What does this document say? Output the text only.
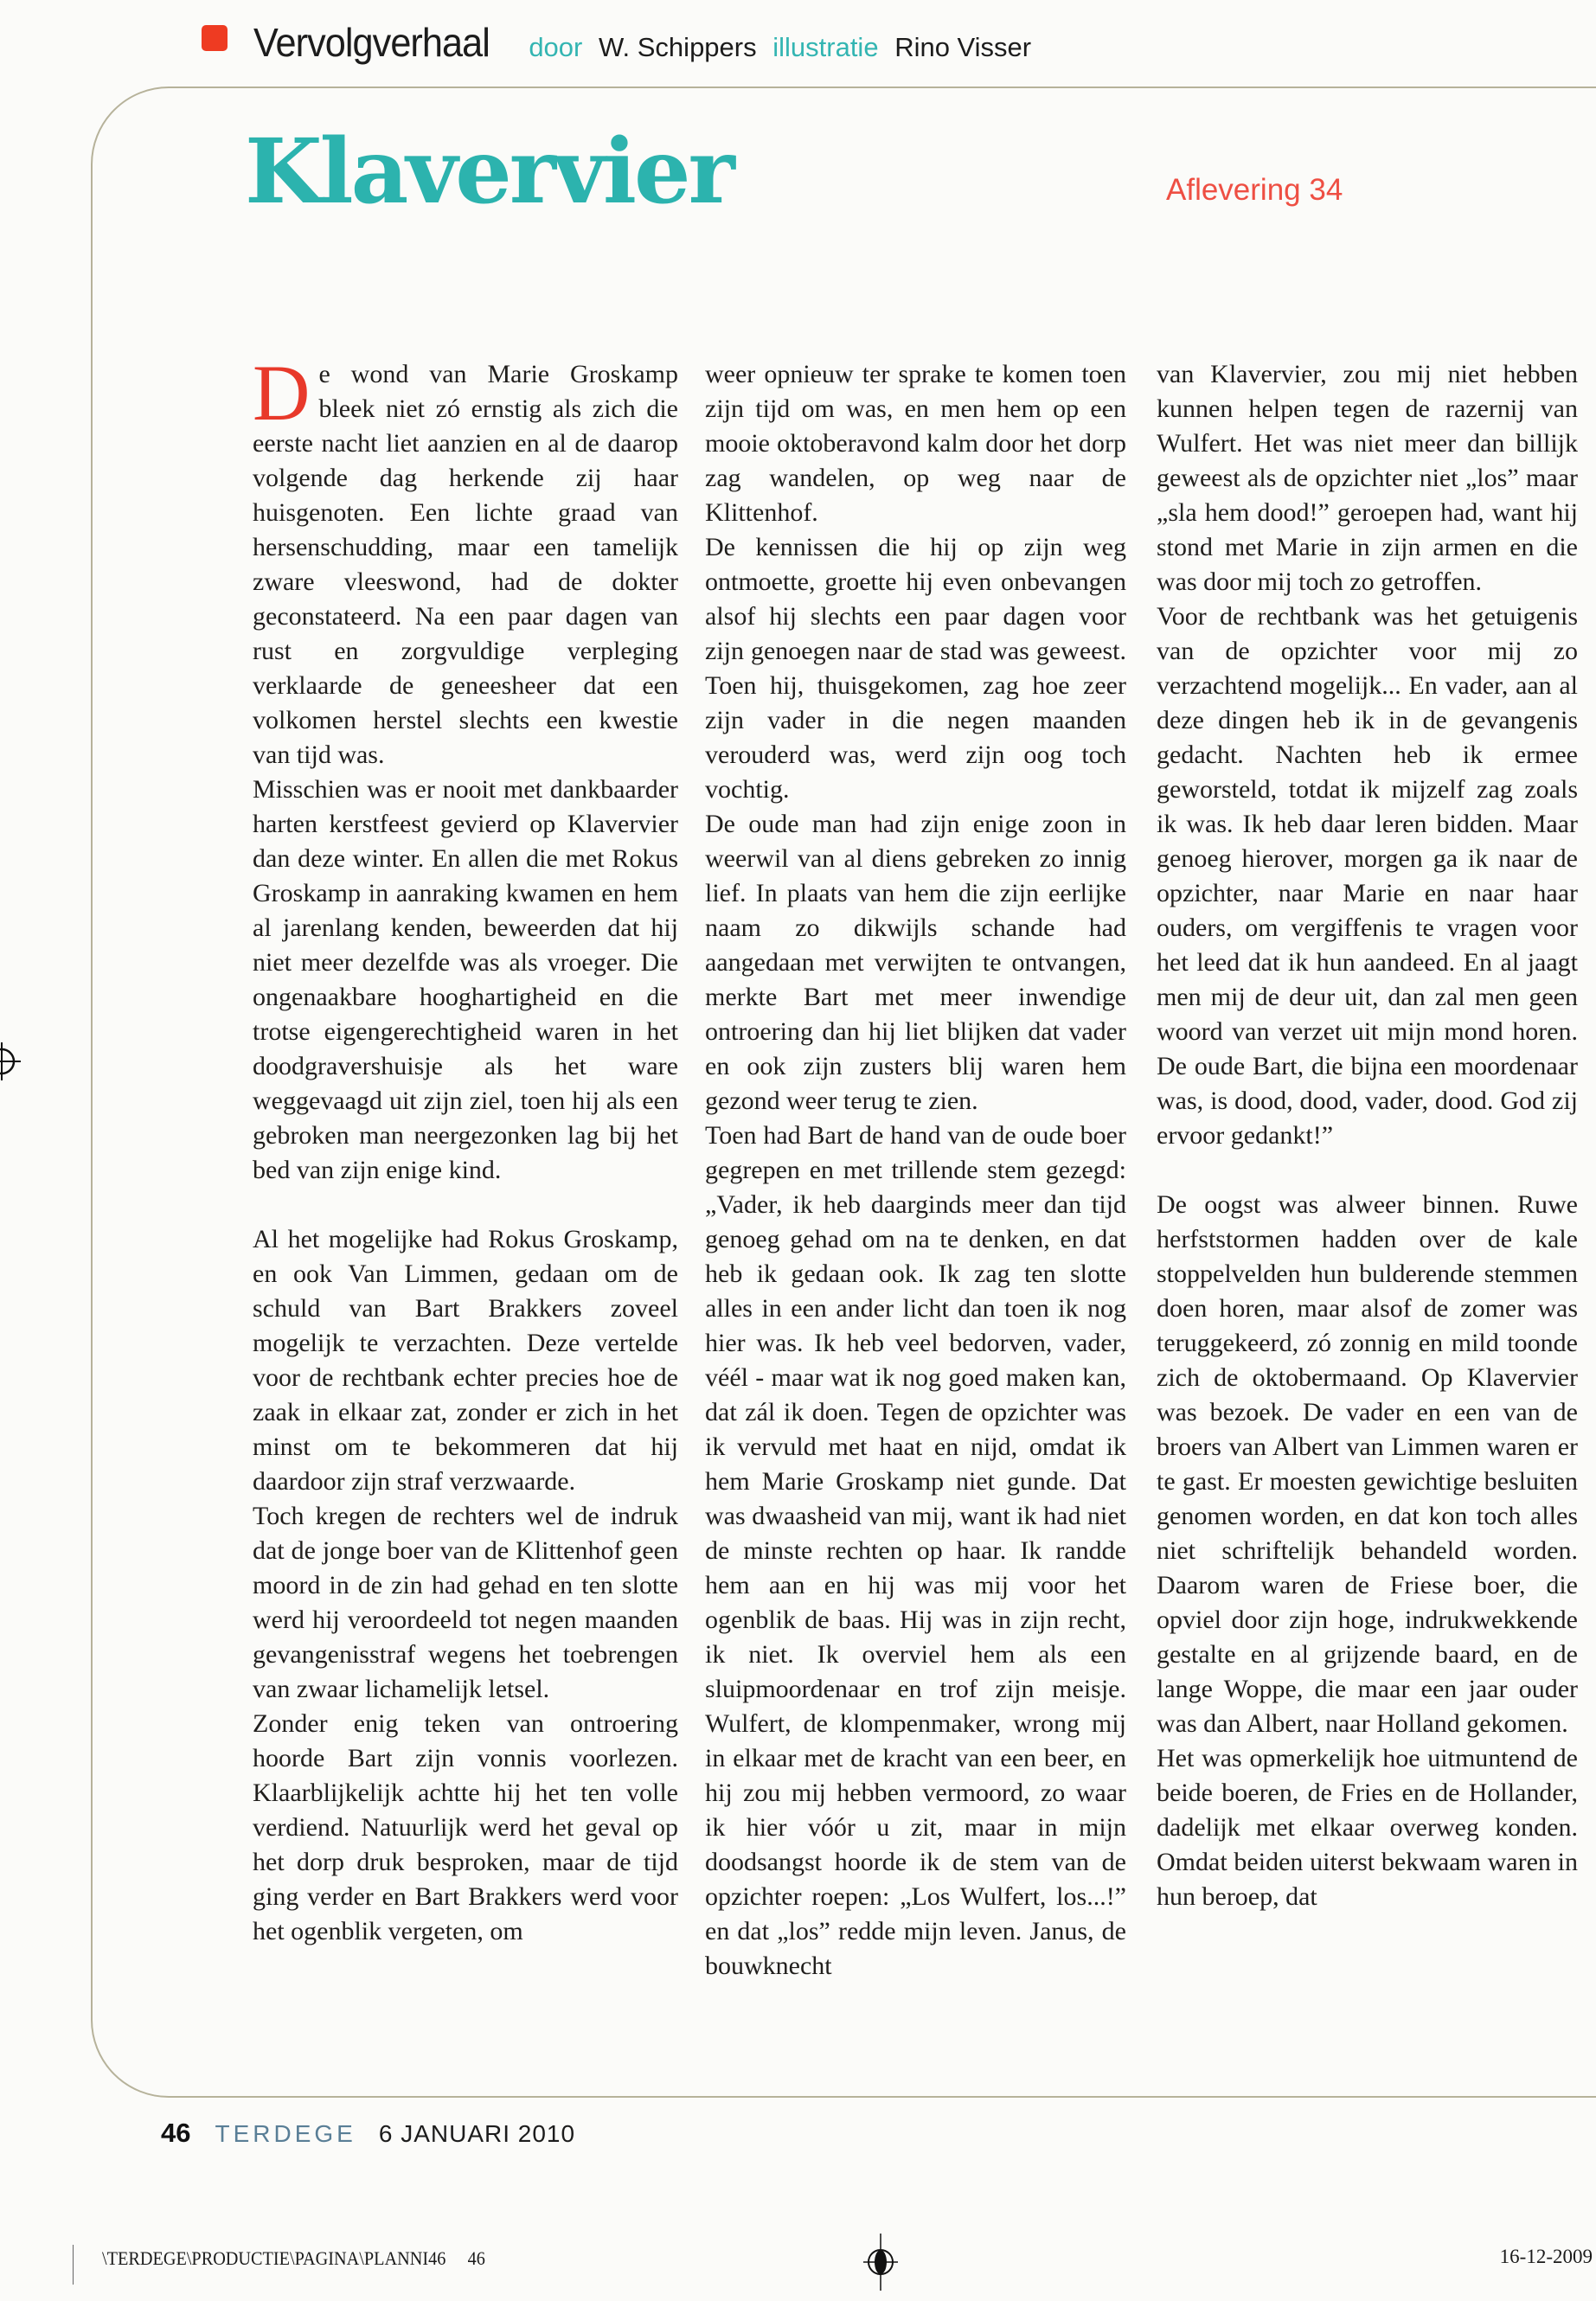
Vervolgverhaal door W. Schippers illustratie Rino Visser
Klavervier	Aflevering 34

De wond van Marie Groskamp bleek niet zó ernstig als zich die eerste nacht liet aanzien en al de daarop volgende dag herkende zij haar huisgenoten. Een lichte graad van hersenschudding, maar een tamelijk zware vleeswond, had de dokter geconstateerd. Na een paar dagen van rust en zorgvuldige verpleging verklaarde de geneesheer dat een volkomen herstel slechts een kwestie van tijd was.

Misschien was er nooit met dankbaarder harten kerstfeest gevierd op Klavervier dan deze winter. En allen die met Rokus Groskamp in aanraking kwamen en hem al jarenlang kenden, beweerden dat hij niet meer dezelfde was als vroeger. Die ongenaakbare hooghartigheid en die trotse eigengerechtigheid waren in het doodgravershuisje als het ware weggevaagd uit zijn ziel, toen hij als een gebroken man neergezonken lag bij het bed van zijn enige kind.

Al het mogelijke had Rokus Groskamp, en ook Van Limmen, gedaan om de schuld van Bart Brakkers zoveel mogelijk te verzachten. Deze vertelde voor de rechtbank echter precies hoe de zaak in elkaar zat, zonder er zich in het minst om te bekommeren dat hij daardoor zijn straf verzwaarde.

Toch kregen de rechters wel de indruk dat de jonge boer van de Klittenhof geen moord in de zin had gehad en ten slotte werd hij veroordeeld tot negen maanden gevangenisstraf wegens het toebrengen van zwaar lichamelijk letsel.

Zonder enig teken van ontroering hoorde Bart zijn vonnis voorlezen. Klaarblijkelijk achtte hij het ten volle verdiend. Natuurlijk werd het geval op het dorp druk besproken, maar de tijd ging verder en Bart Brakkers werd voor het ogenblik vergeten, om

weer opnieuw ter sprake te komen toen zijn tijd om was, en men hem op een mooie oktoberavond kalm door het dorp zag wandelen, op weg naar de Klittenhof.

De kennissen die hij op zijn weg ontmoette, groette hij even onbevangen alsof hij slechts een paar dagen voor zijn genoegen naar de stad was geweest. Toen hij, thuisgekomen, zag hoe zeer zijn vader in die negen maanden verouderd was, werd zijn oog toch vochtig.

De oude man had zijn enige zoon in weerwil van al diens gebreken zo innig lief. In plaats van hem die zijn eerlijke naam zo dikwijls schande had aangedaan met verwijten te ontvangen, merkte Bart met meer inwendige ontroering dan hij liet blijken dat vader en ook zijn zusters blij waren hem gezond weer terug te zien.

Toen had Bart de hand van de oude boer gegrepen en met trillende stem gezegd: „Vader, ik heb daarginds meer dan tijd genoeg gehad om na te denken, en dat heb ik gedaan ook. Ik zag ten slotte alles in een ander licht dan toen ik nog hier was. Ik heb veel bedorven, vader, véél - maar wat ik nog goed maken kan, dat zál ik doen. Tegen de opzichter was ik vervuld met haat en nijd, omdat ik hem Marie Groskamp niet gunde. Dat was dwaasheid van mij, want ik had niet de minste rechten op haar. Ik randde hem aan en hij was mij voor het ogenblik de baas. Hij was in zijn recht, ik niet. Ik overviel hem als een sluipmoordenaar en trof zijn meisje. Wulfert, de klompenmaker, wrong mij in elkaar met de kracht van een beer, en hij zou mij hebben vermoord, zo waar ik hier vóór u zit, maar in mijn doodsangst hoorde ik de stem van de opzichter roepen: „Los Wulfert, los...!” en dat „los” redde mijn leven. Janus, de bouwknecht

van Klavervier, zou mij niet hebben kunnen helpen tegen de razernij van Wulfert. Het was niet meer dan billijk geweest als de opzichter niet „los” maar „sla hem dood!” geroepen had, want hij stond met Marie in zijn armen en die was door mij toch zo getroffen.

Voor de rechtbank was het getuigenis van de opzichter voor mij zo verzachtend mogelijk... En vader, aan al deze dingen heb ik in de gevangenis gedacht. Nachten heb ik ermee geworsteld, totdat ik mijzelf zag zoals ik was. Ik heb daar leren bidden. Maar genoeg hierover, morgen ga ik naar de opzichter, naar Marie en naar haar ouders, om vergiffenis te vragen voor het leed dat ik hun aandeed. En al jaagt men mij de deur uit, dan zal men geen woord van verzet uit mijn mond horen. De oude Bart, die bijna een moordenaar was, is dood, dood, vader, dood. God zij ervoor gedankt!”

De oogst was alweer binnen. Ruwe herfststormen hadden over de kale stoppelvelden hun bulderende stemmen doen horen, maar alsof de zomer was teruggekeerd, zó zonnig en mild toonde zich de oktobermaand. Op Klavervier was bezoek. De vader en een van de broers van Albert van Limmen waren er te gast. Er moesten gewichtige besluiten genomen worden, en dat kon toch alles niet schriftelijk behandeld worden. Daarom waren de Friese boer, die opviel door zijn hoge, indrukwekkende gestalte en al grijzende baard, en de lange Woppe, die maar een jaar ouder was dan Albert, naar Holland gekomen.

Het was opmerkelijk hoe uitmuntend de beide boeren, de Fries en de Hollander, dadelijk met elkaar overweg konden. Omdat beiden uiterst bekwaam waren in hun beroep, dat

46 TERDEGE 6 JANUARI 2010
\TERDEGE\PRODUCTIE\PAGINA\PLANNI46 46	16-12-2009
